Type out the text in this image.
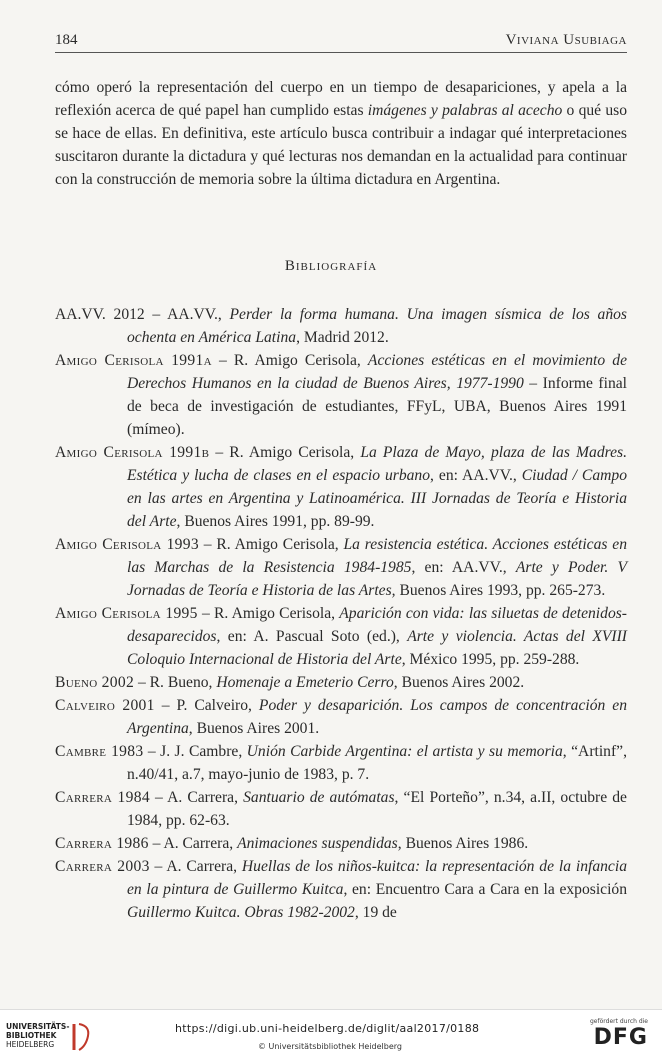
184	Viviana Usubiaga
cómo operó la representación del cuerpo en un tiempo de desapariciones, y apela a la reflexión acerca de qué papel han cumplido estas imágenes y palabras al acecho o qué uso se hace de ellas. En definitiva, este artículo busca contribuir a indagar qué interpretaciones suscitaron durante la dictadura y qué lecturas nos demandan en la actualidad para continuar con la construcción de memoria sobre la última dictadura en Argentina.
Bibliografía

AA.VV. 2012 – AA.VV., Perder la forma humana. Una imagen sísmica de los años ochenta en América Latina, Madrid 2012.

Amigo Cerisola 1991a – R. Amigo Cerisola, Acciones estéticas en el movimiento de Derechos Humanos en la ciudad de Buenos Aires, 1977-1990 – Informe final de beca de investigación de estudiantes, FFyL, UBA, Buenos Aires 1991 (mímeo).

Amigo Cerisola 1991b – R. Amigo Cerisola, La Plaza de Mayo, plaza de las Madres. Estética y lucha de clases en el espacio urbano, en: AA.VV., Ciudad / Campo en las artes en Argentina y Latinoamérica. III Jornadas de Teoría e Historia del Arte, Buenos Aires 1991, pp. 89-99.

Amigo Cerisola 1993 – R. Amigo Cerisola, La resistencia estética. Acciones estéticas en las Marchas de la Resistencia 1984-1985, en: AA.VV., Arte y Poder. V Jornadas de Teoría e Historia de las Artes, Buenos Aires 1993, pp. 265-273.

Amigo Cerisola 1995 – R. Amigo Cerisola, Aparición con vida: las siluetas de detenidos-desaparecidos, en: A. Pascual Soto (ed.), Arte y violencia. Actas del XVIII Coloquio Internacional de Historia del Arte, México 1995, pp. 259-288.

Bueno 2002 – R. Bueno, Homenaje a Emeterio Cerro, Buenos Aires 2002.

Calveiro 2001 – P. Calveiro, Poder y desaparición. Los campos de concentración en Argentina, Buenos Aires 2001.

Cambre 1983 – J. J. Cambre, Unión Carbide Argentina: el artista y su memoria, “Artinf”, n.40/41, a.7, mayo-junio de 1983, p. 7.

Carrera 1984 – A. Carrera, Santuario de autómatas, “El Porteño”, n.34, a.II, octubre de 1984, pp. 62-63.

Carrera 1986 – A. Carrera, Animaciones suspendidas, Buenos Aires 1986.

Carrera 2003 – A. Carrera, Huellas de los niños-kuitca: la representación de la infancia en la pintura de Guillermo Kuitca, en: Encuentro Cara a Cara en la exposición Guillermo Kuitca. Obras 1982-2002, 19 de

UNIVERSITÄTS-
BIBLIOTHEK
HEIDELBERG
https://digi.ub.uni-heidelberg.de/diglit/aal2017/0188
© Universitätsbibliothek Heidelberg
gefördert durch die
DFG
